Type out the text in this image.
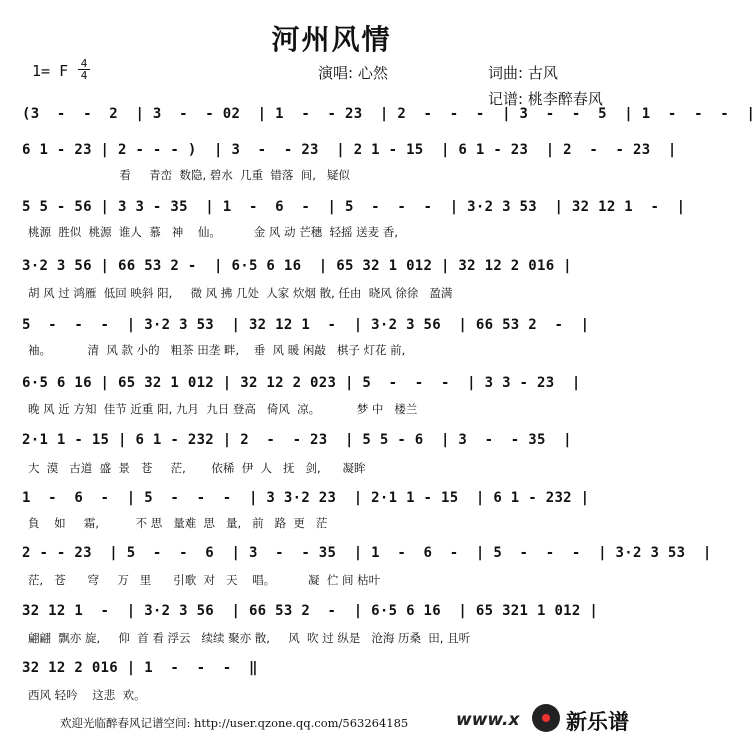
河州风情
1= F 4
4	演唱: 心然	词曲: 古风
记谱: 桃李醉春风
(3  -  -  2  | 3  -  - 02  | 1  -  - 23  | 2  -  -  -  | 3  -  -  5  | 1  -  -  -  |
6 1 - 23 | 2 - - - )  | 3  -  - 23  | 2 1 - 15  | 6 1 - 23  | 2  -  - 23  |
看     青峦  数隐, 碧水  几重  错落  间,   疑似
5 5 - 56 | 3 3 - 35  | 1  -  6  -  | 5  -  -  -  | 3·2 3 53  | 32 12 1  -  |
桃源  胜似  桃源  谁人  慕   神    仙。         金 风 动 芒穗  轻摇 送麦 香,
3·2 3 56 | 66 53 2 -  | 6·5 6 16  | 65 32 1 012 | 32 12 2 016 |
胡 风 过 鸿雁  低回 映斜 阳,     微 风 拂 几处  人家 炊烟 散, 任由  晓风 徐徐   盈满
5  -  -  -  | 3·2 3 53  | 32 12 1  -  | 3·2 3 56  | 66 53 2  -  |
袖。          清  风 款 小的   粗茶 田垄 畔,    垂  风 暖 闲敲   棋子 灯花 前,
6·5 6 16 | 65 32 1 012 | 32 12 2 023 | 5  -  -  -  | 3 3 - 23  |
晚 风 近 方知  佳节 近重 阳, 九月  九日 登高   倚风  凉。          梦 中   楼兰
2·1 1 - 15 | 6 1 - 232 | 2  -  - 23  | 5 5 - 6  | 3  -  - 35  |
大  漠   古道  盛  景   苍     茫,       依稀  伊  人   抚   剑,      凝眸
1  -  6  -  | 5  -  -  -  | 3 3·2 23  | 2·1 1 - 15  | 6 1 - 232 |
負    如     霜,          不 思   量难  思   量,   前   路  更   茫
2 - - 23  | 5  -  -  6  | 3  -  - 35  | 1  -  6  -  | 5  -  -  -  | 3·2 3 53  |
茫,   苍      穹     万   里      引歌  对   天    唱。         凝  伫 间 枯叶
32 12 1  -  | 3·2 3 56  | 66 53 2  -  | 6·5 6 16  | 65 321 1 012 |
翩翩  飘亦 旋,     仰  首 看 浮云   续续 聚亦 散,     风  吹 过 纵是   沧海 历桑  田, 且听
32 12 2 016 | 1  -  -  -  ‖
西风 轻吟    这悲  欢。
欢迎光临醉春风记谱空间: http://user.qzone.qq.com/563264185	www.x 新乐谱
